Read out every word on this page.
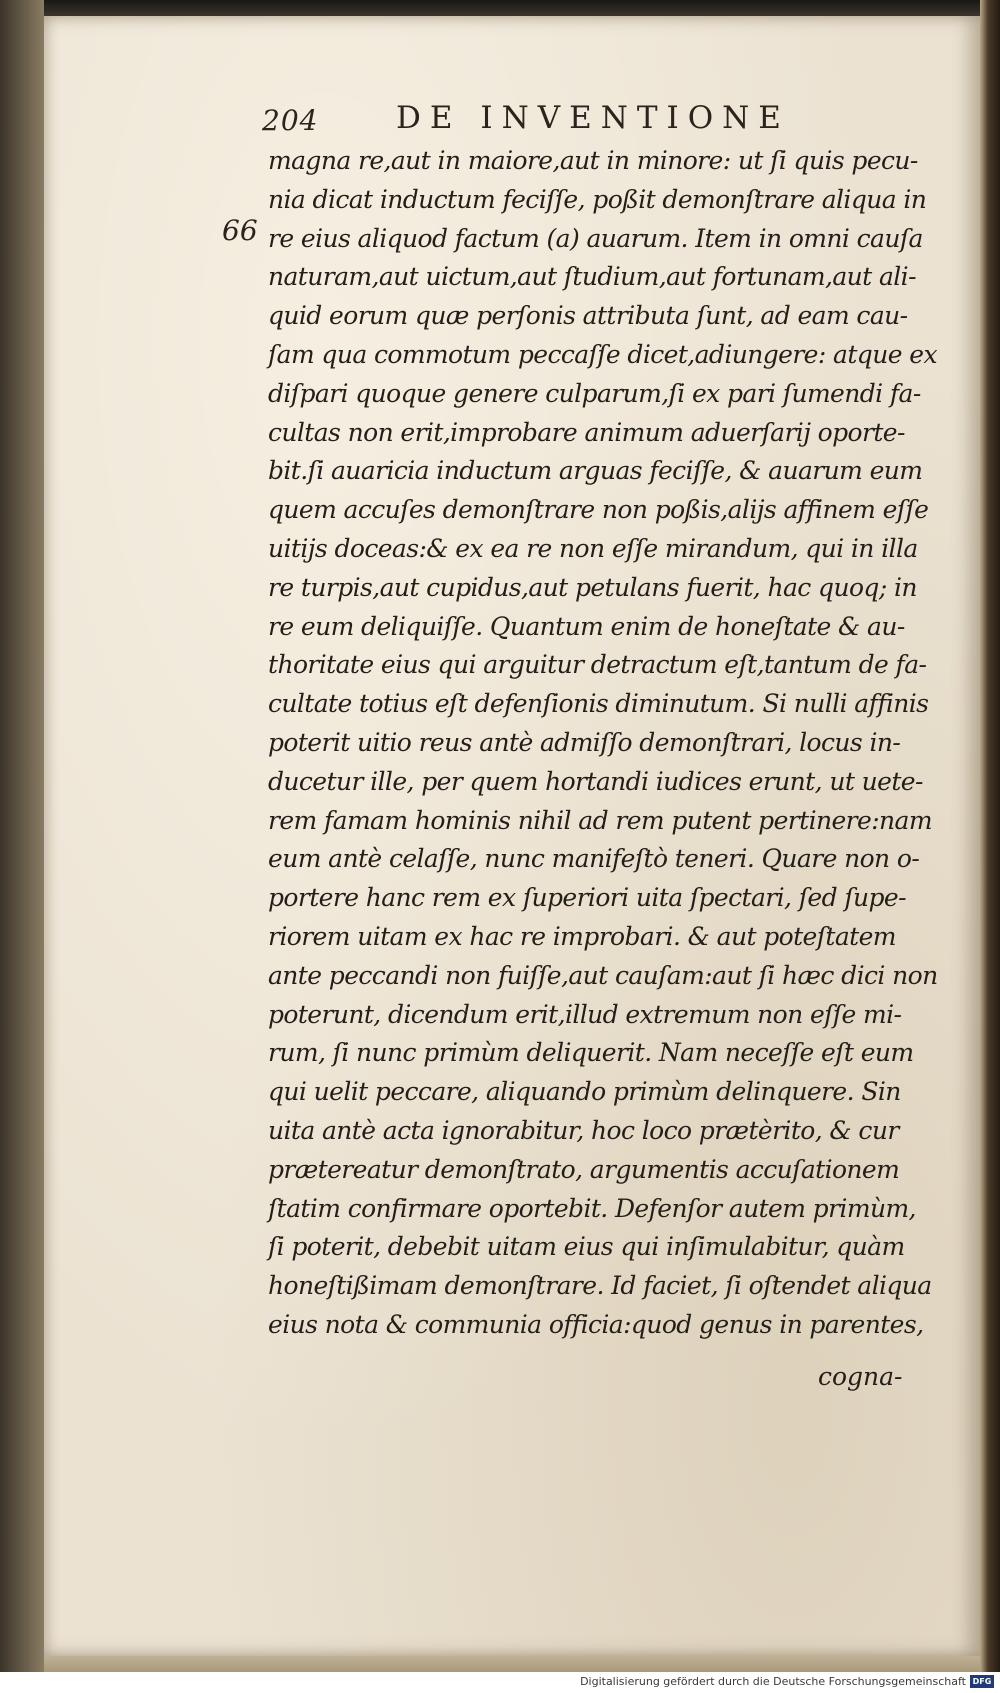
204	DE INVENTIONE
66
magna re,aut in maiore,aut in minore: ut ſi quis pecu-
nia dicat inductum feciſſe, poßit demonſtrare aliqua in
re eius aliquod factum (a) auarum. Item in omni cauſa
naturam,aut uictum,aut ſtudium,aut fortunam,aut ali-
quid eorum quæ perſonis attributa ſunt, ad eam cau-
ſam qua commotum peccaſſe dicet,adiungere: atque ex
diſpari quoque genere culparum,ſi ex pari ſumendi fa-
cultas non erit,improbare animum aduerſarij oporte-
bit.ſi auaricia inductum arguas feciſſe, & auarum eum
quem accuſes demonſtrare non poßis,alijs affinem eſſe
uitijs doceas:& ex ea re non eſſe mirandum, qui in illa
re turpis,aut cupidus,aut petulans fuerit, hac quoq; in
re eum deliquiſſe. Quantum enim de honeſtate & au-
thoritate eius qui arguitur detractum eſt,tantum de fa-
cultate totius eſt defenſionis diminutum. Si nulli affinis
poterit uitio reus antè admiſſo demonſtrari, locus in-
ducetur ille, per quem hortandi iudices erunt, ut uete-
rem famam hominis nihil ad rem putent pertinere:nam
eum antè celaſſe, nunc manifeſtò teneri. Quare non o-
portere hanc rem ex ſuperiori uita ſpectari, ſed ſupe-
riorem uitam ex hac re improbari. & aut poteſtatem
ante peccandi non fuiſſe,aut cauſam:aut ſi hæc dici non
poterunt, dicendum erit,illud extremum non eſſe mi-
rum, ſi nunc primùm deliquerit. Nam neceſſe eſt eum
qui uelit peccare, aliquando primùm delinquere. Sin
uita antè acta ignorabitur, hoc loco prætèrito, & cur
prætereatur demonſtrato, argumentis accuſationem
ſtatim confirmare oportebit. Defenſor autem primùm,
ſi poterit, debebit uitam eius qui inſimulabitur, quàm
honeſtißimam demonſtrare. Id faciet, ſi oſtendet aliqua
eius nota & communia officia:quod genus in parentes,
cogna-
Digitalisierung gefördert durch die Deutsche Forschungsgemeinschaft DFG
